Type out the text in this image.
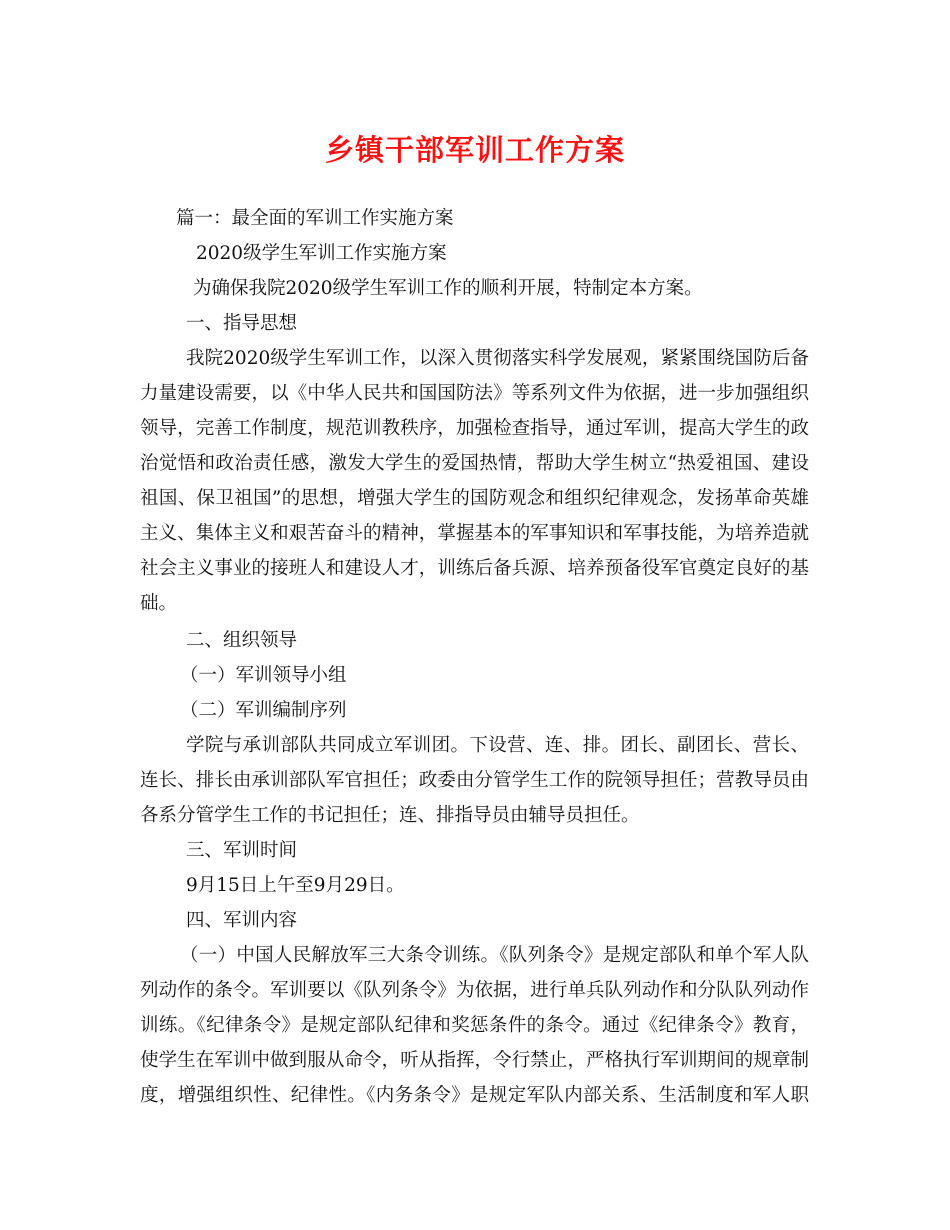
乡镇干部军训工作方案
篇一：最全面的军训工作实施方案
2020级学生军训工作实施方案
为确保我院2020级学生军训工作的顺利开展，特制定本方案。
一、指导思想
我院2020级学生军训工作，以深入贯彻落实科学发展观，紧紧围绕国防后备
力量建设需要，以《中华人民共和国国防法》等系列文件为依据，进一步加强组织
领导，完善工作制度，规范训教秩序，加强检查指导，通过军训，提高大学生的政
治觉悟和政治责任感，激发大学生的爱国热情，帮助大学生树立“热爱祖国、建设
祖国、保卫祖国”的思想，增强大学生的国防观念和组织纪律观念，发扬革命英雄
主义、集体主义和艰苦奋斗的精神，掌握基本的军事知识和军事技能，为培养造就
社会主义事业的接班人和建设人才，训练后备兵源、培养预备役军官奠定良好的基
础。
二、组织领导
（一）军训领导小组
（二）军训编制序列
学院与承训部队共同成立军训团。下设营、连、排。团长、副团长、营长、
连长、排长由承训部队军官担任；政委由分管学生工作的院领导担任；营教导员由
各系分管学生工作的书记担任；连、排指导员由辅导员担任。
三、军训时间
9月15日上午至9月29日。
四、军训内容
（一）中国人民解放军三大条令训练。《队列条令》是规定部队和单个军人队
列动作的条令。军训要以《队列条令》为依据，进行单兵队列动作和分队队列动作
训练。《纪律条令》是规定部队纪律和奖惩条件的条令。通过《纪律条令》教育，
使学生在军训中做到服从命令，听从指挥，令行禁止，严格执行军训期间的规章制
度，增强组织性、纪律性。《内务条令》是规定军队内部关系、生活制度和军人职
